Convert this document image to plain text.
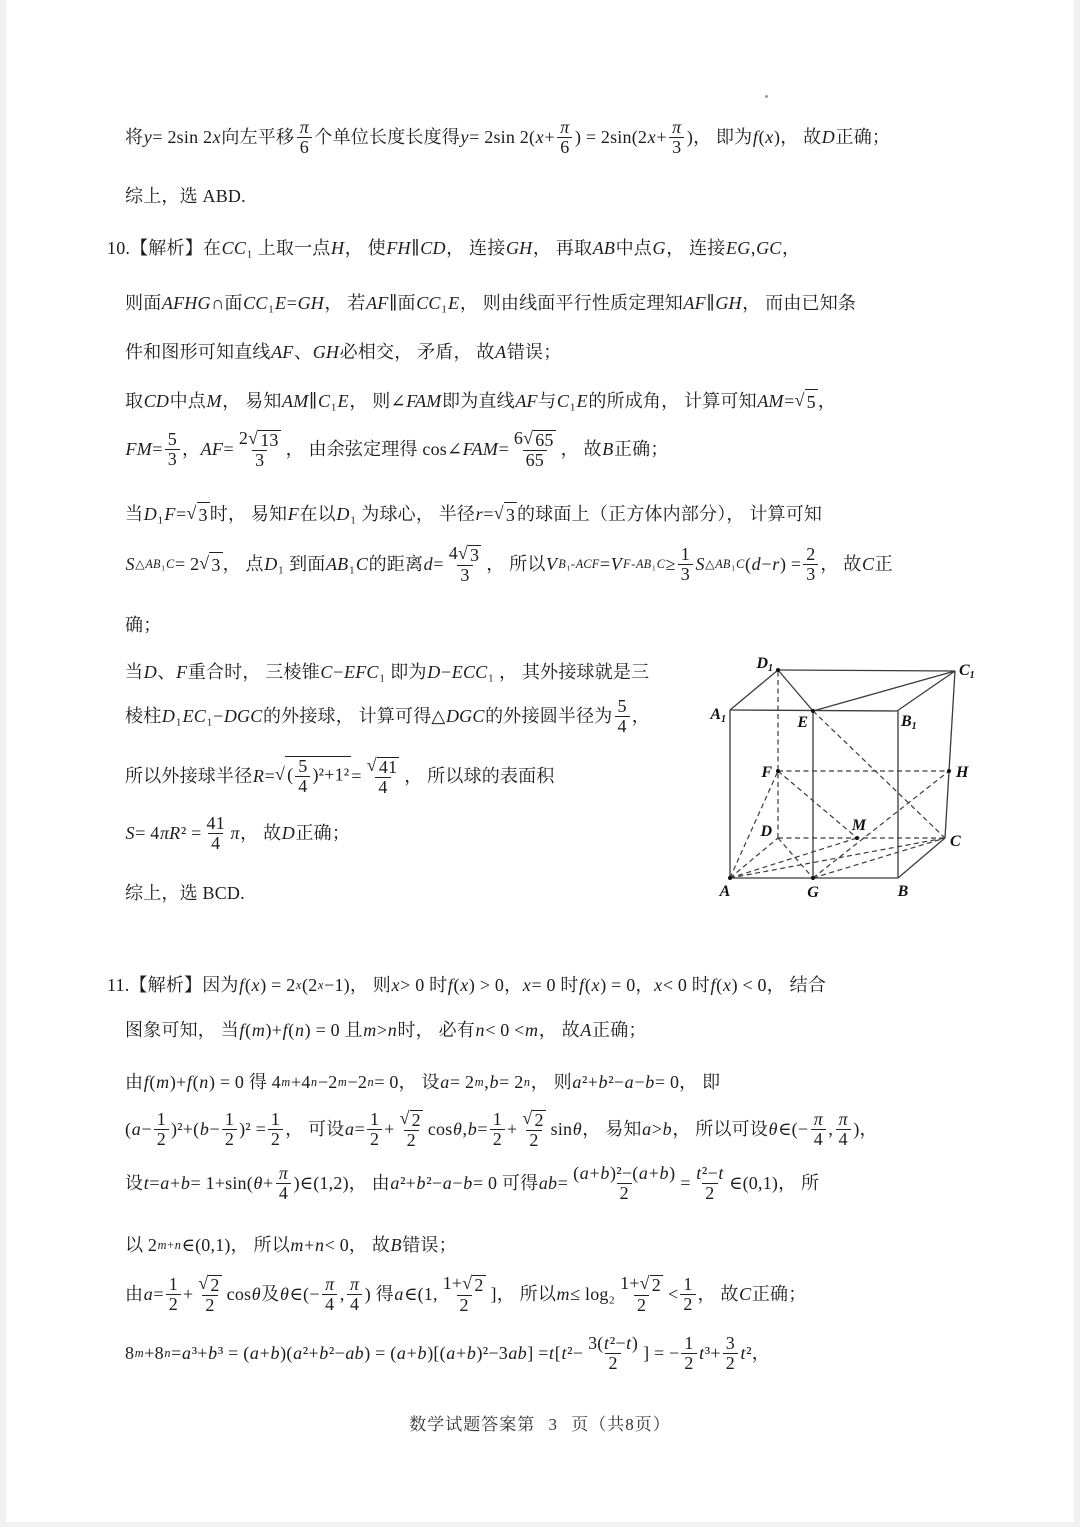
将 y = 2sin 2 x 向左平移
π
6 个单位长度长度得 y = 2sin 2( x +
π
6 ) = 2sin(2 x +
π
3 )， 即为 f ( x )， 故 D 正确；
综上，选 ABD.
10.【解析】在 CC ₁ 上取一点 H ， 使 FH ∥ CD ， 连接 GH ， 再取 AB 中点 G ， 连接 EG , GC ，
则面 AFHG ∩面 CC ₁ E = GH ， 若 AF ∥面 CC ₁ E ， 则由线面平行性质定理知 AF ∥ GH ， 而由已知条
件和图形可知直线 AF 、 GH 必相交， 矛盾， 故 A 错误；
取 CD 中点 M ， 易知 AM ∥ C ₁ E ， 则∠ FAM 即为直线 AF 与 C ₁ E 的所成角， 计算可知 AM = √ 5 ，
FM =
5
3 ， AF =
2√ 13
3
， 由余弦定理得 cos∠ FAM =
6√ 65
65
， 故 B 正确；
当 D ₁ F = √ 3 时， 易知 F 在以 D ₁ 为球心， 半径 r = √ 3 的球面上（正方体内部分）， 计算可知
S △AB₁C = 2 √ 3 ， 点 D ₁ 到面 AB ₁ C 的距离 d =
4√ 3
3
， 所以 V B₁-ACF = V F-AB₁C ≥
1
3 S △AB₁C ( d − r ) =
2
3 ， 故 C 正
确；
当 D 、 F 重合时， 三棱锥 C − EFC ₁ 即为 D − ECC ₁ ， 其外接球就是三
棱柱 D ₁ EC ₁− DGC 的外接球， 计算可得△ DGC 的外接圆半径为
5
4 ，
所以外接球半径 R = √ ( $\frac{5}{4} )^2+1^2$ =
√ 41
4
， 所以球的表面积
S = 4 πR ² =
41
4 π ， 故 D 正确；
综上，选 BCD.
11.【解析】因为 f ( x ) = 2 x (2 x −1)， 则 x > 0 时 f ( x ) > 0， x = 0 时 f ( x ) = 0， x < 0 时 f ( x ) < 0， 结合
图象可知， 当 f ( m )+ f ( n ) = 0 且 m > n 时， 必有 n < 0 < m ， 故 A 正确；
由 f ( m )+ f ( n ) = 0 得 4 m +4 n −2 m −2 n = 0， 设 a = 2 m , b = 2 n ， 则 a ²+ b ²− a − b = 0， 即
( a −
1
2 )²+( b −
1
2 )² =
1
2 ， 可设 a =
1
2 +
√ 2
2
cos θ , b =
1
2 +
√ 2
2
sin θ ， 易知 a > b ， 所以可设 θ ∈(−
π
4 ,
π
4 )，
设 t = a + b = 1+sin( θ +
π
4 )∈(1,2)， 由 a ²+ b ²− a − b = 0 可得 ab =
(a+b)²−(a+b)
2	=
t²−t
2 ∈(0,1)， 所
以 2 m+n ∈(0,1)， 所以 m + n < 0， 故 B 错误；
由 a =
1
2 +
√ 2
2
cos θ 及 θ ∈(−
π
4 ,
π
4 ) 得 a ∈(1,
1+√ 2
2
]， 所以 m ≤ log₂
1+√ 2
2
<
1
2 ， 故 C 正确；
8 m +8 n = a ³+ b ³ = ( a + b )( a ²+ b ²− ab ) = ( a + b )[( a + b )²−3 ab ] = t [ t ²−
3(t²−t)
2 ] = −
1
2 t ³+
3
2 t ²，
D1	C1
A1	E	B1
F	H
D	M
C
A	G	B
数学试题答案第 3 页（共8页）
